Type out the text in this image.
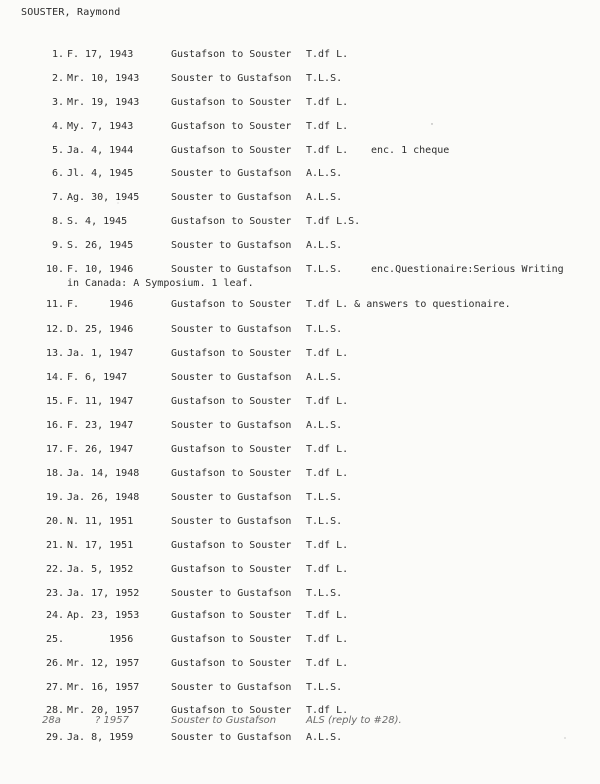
SOUSTER, Raymond
1. F. 17, 1943	Gustafson to Souster T.df L.
2. Mr. 10, 1943	Souster to Gustafson T.L.S.
3. Mr. 19, 1943	Gustafson to Souster T.df L.
4. My. 7, 1943	Gustafson to Souster T.df L.
5. Ja. 4, 1944	Gustafson to Souster T.df L. enc. 1 cheque
6. Jl. 4, 1945	Souster to Gustafson A.L.S.
7. Ag. 30, 1945	Souster to Gustafson A.L.S.
8. S. 4, 1945	Gustafson to Souster T.df L.S.
9. S. 26, 1945	Souster to Gustafson A.L.S.
10. F. 10, 1946	Souster to Gustafson T.L.S.	enc.Questionaire:Serious Writing
in Canada: A Symposium. 1 leaf.
11. F.     1946	Gustafson to Souster T.df L. & answers to questionaire.
12. D. 25, 1946	Souster to Gustafson T.L.S.
13. Ja. 1, 1947	Gustafson to Souster T.df L.
14. F. 6, 1947	Souster to Gustafson A.L.S.
15. F. 11, 1947	Gustafson to Souster T.df L.
16. F. 23, 1947	Souster to Gustafson A.L.S.
17. F. 26, 1947	Gustafson to Souster T.df L.
18. Ja. 14, 1948	Gustafson to Souster T.df L.
19. Ja. 26, 1948	Souster to Gustafson T.L.S.
20. N. 11, 1951	Souster to Gustafson T.L.S.
21. N. 17, 1951	Gustafson to Souster T.df L.
22. Ja. 5, 1952	Gustafson to Souster T.df L.
23. Ja. 17, 1952	Souster to Gustafson T.L.S.
24. Ap. 23, 1953	Gustafson to Souster T.df L.
25. 1956	Gustafson to Souster T.df L.
26. Mr. 12, 1957	Gustafson to Souster T.df L.
27. Mr. 16, 1957	Souster to Gustafson T.L.S.
28. Mr. 20, 1957	Gustafson to Souster T.df L.
29. Ja. 8, 1959	Souster to Gustafson A.L.S.
28a	? 1957	Souster to Gustafson	ALS (reply to #28).
